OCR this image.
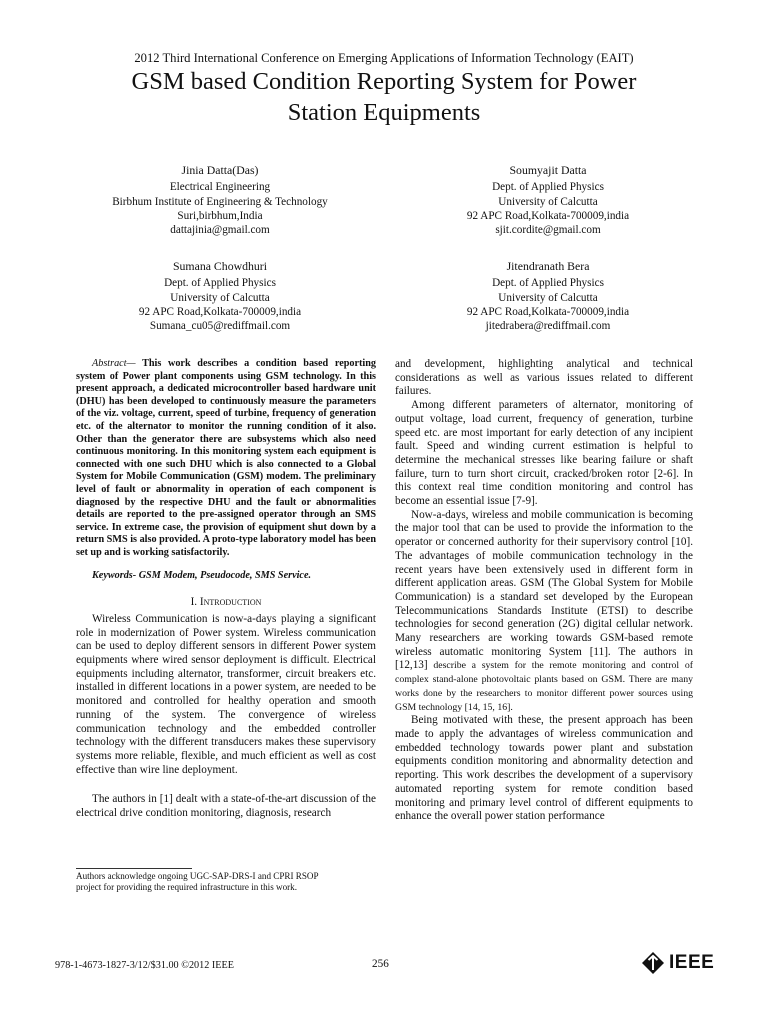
2012 Third International Conference on Emerging Applications of Information Technology (EAIT)
GSM based Condition Reporting System for Power
Station Equipments
Jinia Datta(Das)
Electrical Engineering
Birbhum Institute of Engineering & Technology
Suri,birbhum,India
dattajinia@gmail.com
Soumyajit Datta
Dept. of Applied Physics
University of Calcutta
92 APC Road,Kolkata-700009,india
sjit.cordite@gmail.com
Sumana Chowdhuri
Dept. of Applied Physics
University of Calcutta
92 APC Road,Kolkata-700009,india
Sumana_cu05@rediffmail.com
Jitendranath Bera
Dept. of Applied Physics
University of Calcutta
92 APC Road,Kolkata-700009,india
jitedrabera@rediffmail.com

Abstract— This work describes a condition based reporting system of Power plant components using GSM technology. In this present approach, a dedicated microcontroller based hardware unit (DHU) has been developed to continuously measure the parameters of the viz. voltage, current, speed of turbine, frequency of generation etc. of the alternator to monitor the running condition of it also. Other than the generator there are subsystems which also need continuous monitoring. In this monitoring system each equipment is connected with one such DHU which is also connected to a Global System for Mobile Communication (GSM) modem. The preliminary level of fault or abnormality in operation of each component is diagnosed by the respective DHU and the fault or abnormalities details are reported to the pre-assigned operator through an SMS service. In extreme case, the provision of equipment shut down by a return SMS is also provided. A proto-type laboratory model has been set up and is working satisfactorily.

Keywords- GSM Modem, Pseudocode, SMS Service.

I. Introduction

Wireless Communication is now-a-days playing a significant role in modernization of Power system. Wireless communication can be used to deploy different sensors in different Power system equipments where wired sensor deployment is difficult. Electrical equipments including alternator, transformer, circuit breakers etc. installed in different locations in a power system, are needed to be monitored and controlled for healthy operation and smooth running of the system. The convergence of wireless communication technology and the embedded controller technology with the different transducers makes these supervisory systems more reliable, flexible, and much efficient as well as cost effective than wire line deployment.

The authors in [1] dealt with a state-of-the-art discussion of the electrical drive condition monitoring, diagnosis, research

and development, highlighting analytical and technical considerations as well as various issues related to different failures.

Among different parameters of alternator, monitoring of output voltage, load current, frequency of generation, turbine speed etc. are most important for early detection of any incipient fault. Speed and winding current estimation is helpful to determine the mechanical stresses like bearing failure or shaft failure, turn to turn short circuit, cracked/broken rotor [2-6]. In this context real time condition monitoring and control has become an essential issue [7-9].

Now-a-days, wireless and mobile communication is becoming the major tool that can be used to provide the information to the operator or concerned authority for their supervisory control [10]. The advantages of mobile communication technology in the recent years have been extensively used in different form in different application areas. GSM (The Global System for Mobile Communication) is a standard set developed by the European Telecommunications Standards Institute (ETSI) to describe technologies for second generation (2G) digital cellular network. Many researchers are working towards GSM-based remote wireless automatic monitoring System [11]. The authors in [12,13] describe a system for the remote monitoring and control of complex stand-alone photovoltaic plants based on GSM. There are many works done by the researchers to monitor different power sources using GSM technology [14, 15, 16].

Being motivated with these, the present approach has been made to apply the advantages of wireless communication and embedded technology towards power plant and substation equipments condition monitoring and abnormality detection and reporting. This work describes the development of a supervisory automated reporting system for remote condition based monitoring and primary level control of different equipments to enhance the overall power station performance

Authors acknowledge ongoing UGC-SAP-DRS-I and CPRI RSOP
project for providing the required infrastructure in this work.
978-1-4673-1827-3/12/$31.00 ©2012 IEEE	256	IEEE
